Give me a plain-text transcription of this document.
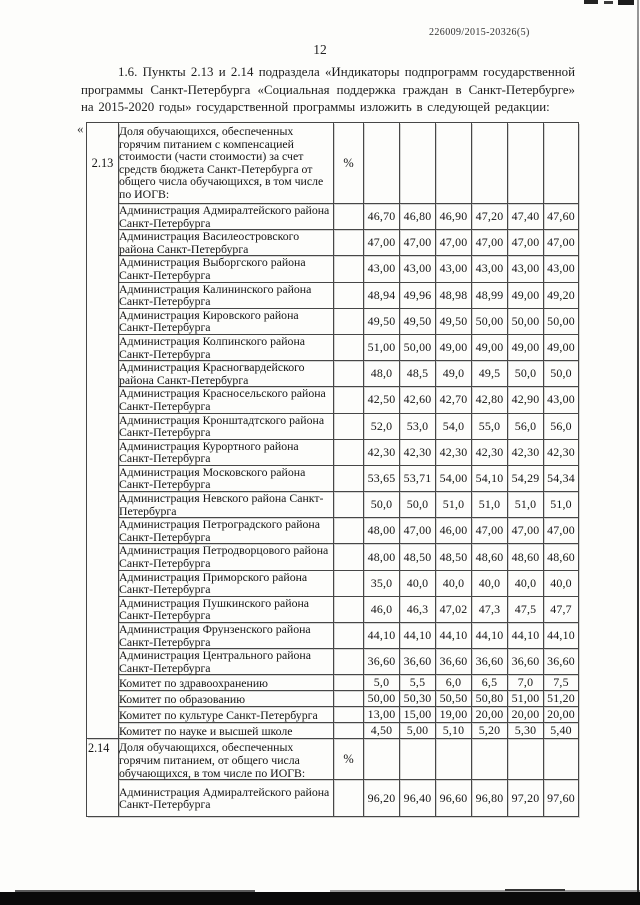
226009/2015-20326(5)
12
1.6. Пункты 2.13 и 2.14 подраздела «Индикаторы подпрограмм государственной программы Санкт-Петербурга «Социальная поддержка граждан в Санкт-Петербурге» на 2015-2020 годы» государственной программы изложить в следующей редакции:
«
2.13	Доля обучающихся, обеспеченных горячим питанием с компенсацией стоимости (части стоимости) за счет средств бюджета Санкт-Петербурга от общего числа обучающихся, в том числе по ИОГВ:	%						
	Администрация Адмиралтейского района Санкт-Петербурга		46,70	46,80	46,90	47,20	47,40	47,60
	Администрация Василеостровского района Санкт-Петербурга		47,00	47,00	47,00	47,00	47,00	47,00
	Администрация Выборгского района Санкт-Петербурга		43,00	43,00	43,00	43,00	43,00	43,00
	Администрация Калининского района Санкт-Петербурга		48,94	49,96	48,98	48,99	49,00	49,20
	Администрация Кировского района Санкт-Петербурга		49,50	49,50	49,50	50,00	50,00	50,00
	Администрация Колпинского района Санкт-Петербурга		51,00	50,00	49,00	49,00	49,00	49,00
	Администрация Красногвардейского района Санкт-Петербурга		48,0	48,5	49,0	49,5	50,0	50,0
	Администрация Красносельского района Санкт-Петербурга		42,50	42,60	42,70	42,80	42,90	43,00
	Администрация Кронштадтского района Санкт-Петербурга		52,0	53,0	54,0	55,0	56,0	56,0
	Администрация Курортного района Санкт-Петербурга		42,30	42,30	42,30	42,30	42,30	42,30
	Администрация Московского района Санкт-Петербурга		53,65	53,71	54,00	54,10	54,29	54,34
	Администрация Невского района Санкт-Петербурга		50,0	50,0	51,0	51,0	51,0	51,0
	Администрация Петроградского района Санкт-Петербурга		48,00	47,00	46,00	47,00	47,00	47,00
	Администрация Петродворцового района Санкт-Петербурга		48,00	48,50	48,50	48,60	48,60	48,60
	Администрация Приморского района Санкт-Петербурга		35,0	40,0	40,0	40,0	40,0	40,0
	Администрация Пушкинского района Санкт-Петербурга		46,0	46,3	47,02	47,3	47,5	47,7
	Администрация Фрунзенского района Санкт-Петербурга		44,10	44,10	44,10	44,10	44,10	44,10
	Администрация Центрального района Санкт-Петербурга		36,60	36,60	36,60	36,60	36,60	36,60
	Комитет по здравоохранению		5,0	5,5	6,0	6,5	7,0	7,5
	Комитет по образованию		50,00	50,30	50,50	50,80	51,00	51,20
	Комитет по культуре Санкт-Петербурга		13,00	15,00	19,00	20,00	20,00	20,00
	Комитет по науке и высшей школе		4,50	5,00	5,10	5,20	5,30	5,40

2.14	Доля обучающихся, обеспеченных горячим питанием, от общего числа обучающихся, в том числе по ИОГВ:	%						
	Администрация Адмиралтейского района Санкт-Петербурга		96,20	96,40	96,60	96,80	97,20	97,60
